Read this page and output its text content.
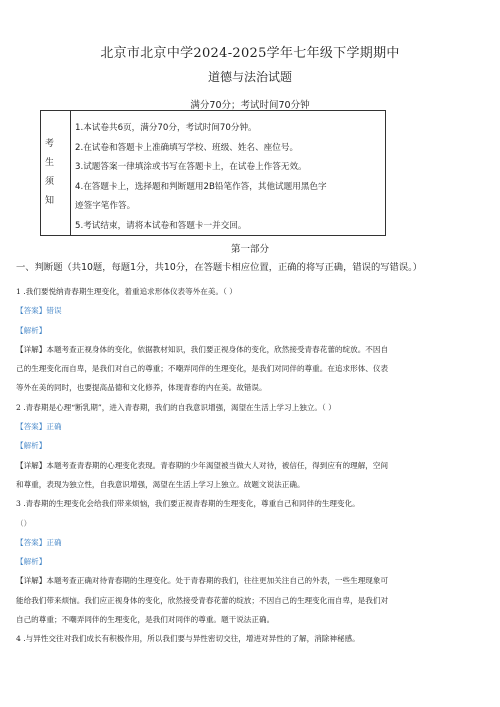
北京市北京中学2024-2025学年七年级下学期期中
道德与法治试题
满分70分；考试时间70分钟
考
生
须
知
1.本试卷共6页，满分70分，考试时间70分钟。
2.在试卷和答题卡上准确填写学校、班级、姓名、座位号。
3.试题答案一律填涂或书写在答题卡上，在试卷上作答无效。
4.在答题卡上，选择题和判断题用2B铅笔作答，其他试题用黑色字
迹签字笔作答。
5.考试结束，请将本试卷和答题卡一并交回。
第一部分
一、判断题（共10题，每题1分，共10分，在答题卡相应位置，正确的将写正确，错误的写错误。）
1 .我们要悦纳青春期生理变化，着重追求形体仪表等外在美。（ ）
【答案】错误
【解析】
【详解】本题考查正视身体的变化，依据教材知识，我们要正视身体的变化，欣然接受青春花蕾的绽放。不因自
己的生理变化而自卑，是我们对自己的尊重；不嘲弄同伴的生理变化，是我们对同伴的尊重。在追求形体、仪表
等外在美的同时，也要提高品德和文化修养，体现青春的内在美。故错误。
2 .青春期是心理“断乳期”，进入青春期，我们的自我意识增强，渴望在生活上学习上独立。（ ）
【答案】正确
【解析】
【详解】本题考查青春期的心理变化表现。青春期的少年渴望被当做大人对待，被信任，得到应有的理解，空间
和尊重，表现为独立性，自我意识增强，渴望在生活上学习上独立。故题文说法正确。
3 .青春期的生理变化会给我们带来烦恼，我们要正视青春期的生理变化，尊重自己和同伴的生理变化。
（）
【答案】正确
【解析】
【详解】本题考查正确对待青春期的生理变化。处于青春期的我们，往往更加关注自己的外表，一些生理现象可
能给我们带来烦恼。我们应正视身体的变化，欣然接受青春花蕾的绽放；不因自己的生理变化而自卑，是我们对
自己的尊重；不嘲弄同伴的生理变化，是我们对同伴的尊重。题干说法正确。
4 .与异性交往对我们成长有积极作用，所以我们要与异性密切交往，增进对异性的了解，消除神秘感。
